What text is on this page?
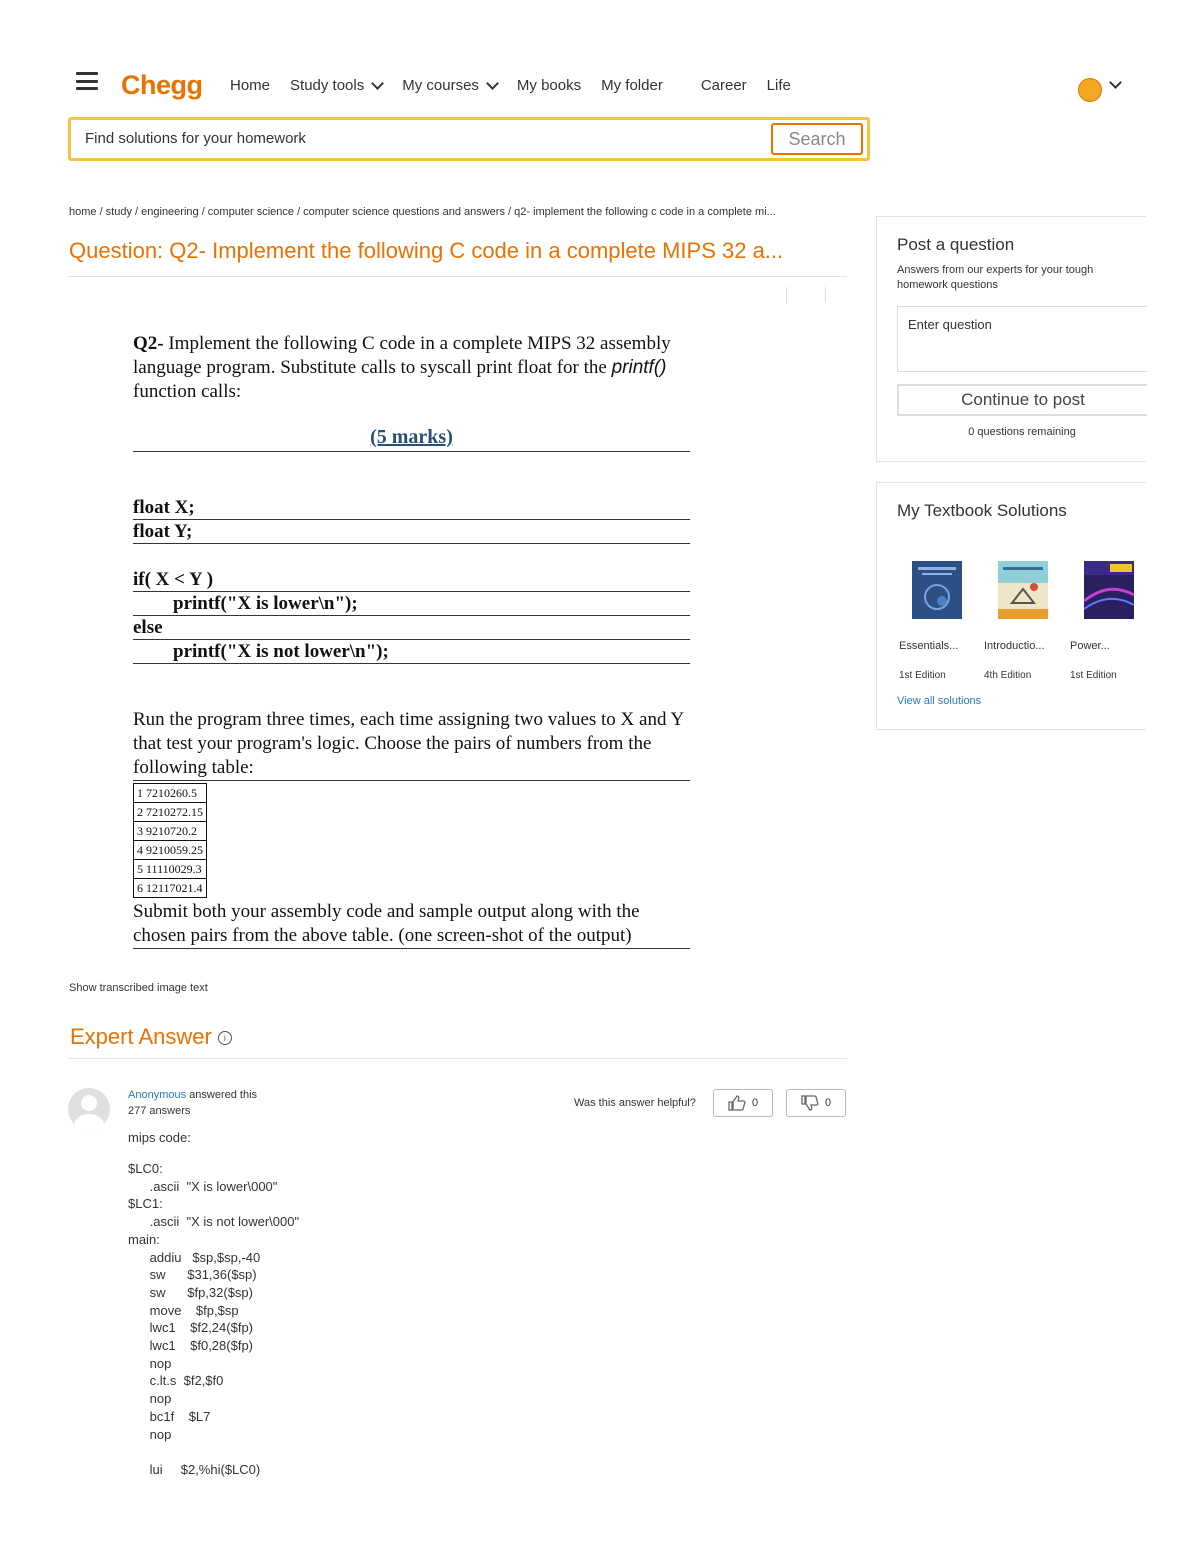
Chegg Home Study tools	My courses	My books My folder	Career Life
Find solutions for your homework
Search
home / study / engineering / computer science / computer science questions and answers / q2- implement the following c code in a complete mi...
Question: Q2- Implement the following C code in a complete MIPS 32 a...

Q2- Implement the following C code in a complete MIPS 32 assembly language program. Substitute calls to syscall print float for the printf() function calls:

(5 marks)
float X;
float Y;
if( X < Y )
printf("X is lower\n");
else
printf("X is not lower\n");

Run the program three times, each time assigning two values to X and Y that test your program's logic. Choose the pairs of numbers from the following table:

1 7210260.5
2 7210272.15
3 9210720.2
4 9210059.25
5 11110029.3
6 12117021.4

Submit both your assembly code and sample output along with the chosen pairs from the above table. (one screen-shot of the output)

Show transcribed image text
Expert Answer i
Anonymous answered this
277 answers
Was this answer helpful?	0	0
mips code:
$LC0:
.ascii  "X is lower\000"
$LC1:
.ascii  "X is not lower\000"
main:
addiu   $sp,$sp,-40
sw      $31,36($sp)
sw      $fp,32($sp)
move    $fp,$sp
lwc1    $f2,24($fp)
lwc1    $f0,28($fp)
nop
c.lt.s  $f2,$f0
nop
bc1f    $L7
nop

lui     $2,%hi($LC0)
Post a question
Answers from our experts for your tough homework questions
Enter question
Continue to post
0 questions remaining
My Textbook Solutions
Essentials... Introductio... Power...
1st Edition	4th Edition	1st Edition
View all solutions
